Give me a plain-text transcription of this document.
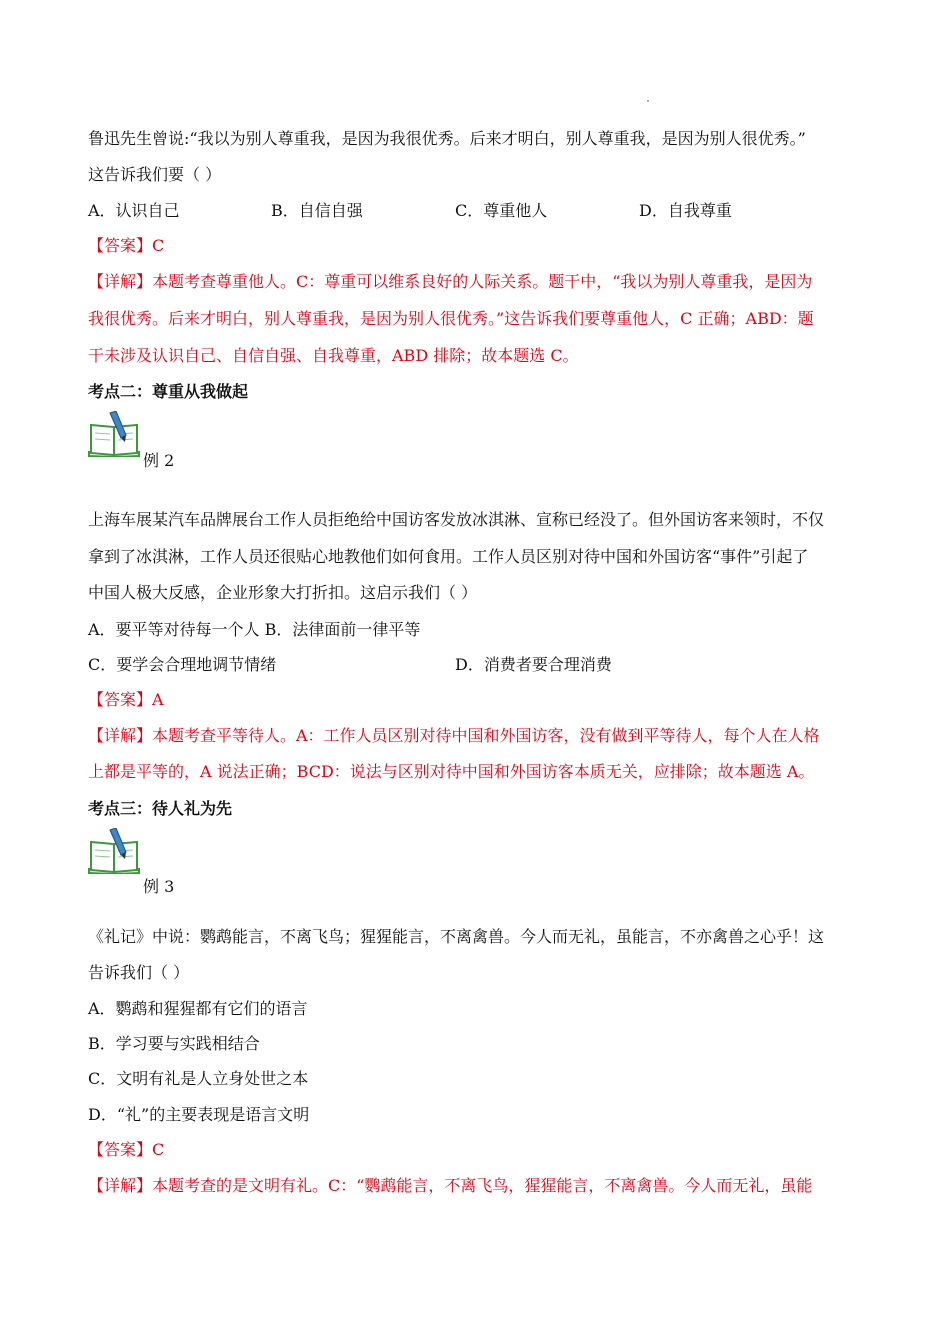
鲁迅先生曾说:“我以为别人尊重我，是因为我很优秀。后来才明白，别人尊重我，是因为别人很优秀。”
这告诉我们要（ ）
A．认识自己	B．自信自强	C．尊重他人	D．自我尊重
【答案】C
【详解】本题考查尊重他人。C：尊重可以维系良好的人际关系。题干中，“我以为别人尊重我，是因为
我很优秀。后来才明白，别人尊重我，是因为别人很优秀。”这告诉我们要尊重他人，C 正确；ABD：题
干未涉及认识自己、自信自强、自我尊重，ABD 排除；故本题选 C。
考点二：尊重从我做起
例 2
上海车展某汽车品牌展台工作人员拒绝给中国访客发放冰淇淋、宣称已经没了。但外国访客来领时，不仅
拿到了冰淇淋，工作人员还很贴心地教他们如何食用。工作人员区别对待中国和外国访客“事件”引起了
中国人极大反感，企业形象大打折扣。这启示我们（ ）
A．要平等对待每一个人 B．法律面前一律平等
C．要学会合理地调节情绪	D．消费者要合理消费
【答案】A
【详解】本题考查平等待人。A：工作人员区别对待中国和外国访客，没有做到平等待人，每个人在人格
上都是平等的，A 说法正确；BCD：说法与区别对待中国和外国访客本质无关，应排除；故本题选 A。
考点三：待人礼为先
例 3
《礼记》中说：鹦鹉能言，不离飞鸟；猩猩能言，不离禽兽。今人而无礼，虽能言，不亦禽兽之心乎！这
告诉我们（ ）
A．鹦鹉和猩猩都有它们的语言
B．学习要与实践相结合
C．文明有礼是人立身处世之本
D．“礼”的主要表现是语言文明
【答案】C
【详解】本题考查的是文明有礼。C：“鹦鹉能言，不离飞鸟，猩猩能言，不离禽兽。今人而无礼，虽能
